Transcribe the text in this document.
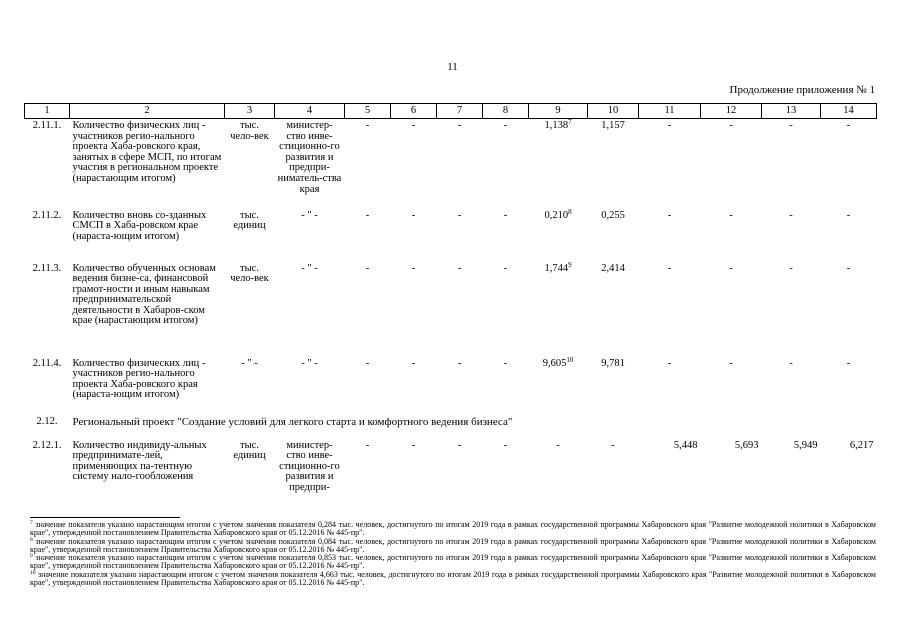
11
Продолжение приложения № 1
1	2	3	4	5	6	7	8	9	10	11	12	13	14
2.11.1.	Количество физических лиц - участников регио-нального проекта Хаба-ровского края, занятых в сфере МСП, по итогам участия в региональном проекте (нарастающим итогом)	тыс. чело-век	министер-ство инве-стиционно-го развития и предпри-ниматель-ства края	-	-	-	-	1,138$^7$	1,157	-	-	-	-
2.11.2.	Количество вновь со-зданных СМСП в Хаба-ровском крае (нараста-ющим итогом)	тыс. единиц	- " -	-	-	-	-	0,210$^8$	0,255	-	-	-	-
2.11.3.	Количество обученных основам ведения бизне-са, финансовой грамот-ности и иным навыкам предпринимательской деятельности в Хабаров-ском крае (нарастающим итогом)	тыс. чело-век	- " -	-	-	-	-	1,744$^9$	2,414	-	-	-	-
2.11.4.	Количество физических лиц - участников регио-нального проекта Хаба-ровского края (нараста-ющим итогом)	- " -	- " -	-	-	-	-	9,605$^{10}$	9,781	-	-	-	-
2.12.	Региональный проект "Создание условий для легкого старта и комфортного ведения бизнеса"												
2.12.1.	Количество индивиду-альных предпринимате-лей, применяющих па-тентную систему нало-гообложения	тыс. единиц	министер-ство инве-стиционно-го развития и предпри-	-	-	-	-	-	-	5,448	5,693	5,949	6,217

$^7$ значение показателя указано нарастающим итогом с учетом значения показателя 0,284 тыс. человек, достигнутого по итогам 2019 года в рамках государственной программы Хабаровского края "Развитие молодежной политики в Хабаровском крае", утвержденной постановлением Правительства Хабаровского края от 05.12.2016 № 445-пр".

$^8$ значение показателя указано нарастающим итогом с учетом значения показателя 0,084 тыс. человек, достигнутого по итогам 2019 года в рамках государственной программы Хабаровского края "Развитие молодежной политики в Хабаровском крае", утвержденной постановлением Правительства Хабаровского края от 05.12.2016 № 445-пр".

$^9$ значение показателя указано нарастающим итогом с учетом значения показателя 0,853 тыс. человек, достигнутого по итогам 2019 года в рамках государственной программы Хабаровского края "Развитие молодежной политики в Хабаровском крае", утвержденной постановлением Правительства Хабаровского края от 05.12.2016 № 445-пр".

$^{10}$ значение показателя указано нарастающим итогом с учетом значения показателя 4,663 тыс. человек, достигнутого по итогам 2019 года в рамках государственной программы Хабаровского края "Развитие молодежной политики в Хабаровском крае", утвержденной постановлением Правительства Хабаровского края от 05.12.2016 № 445-пр".
